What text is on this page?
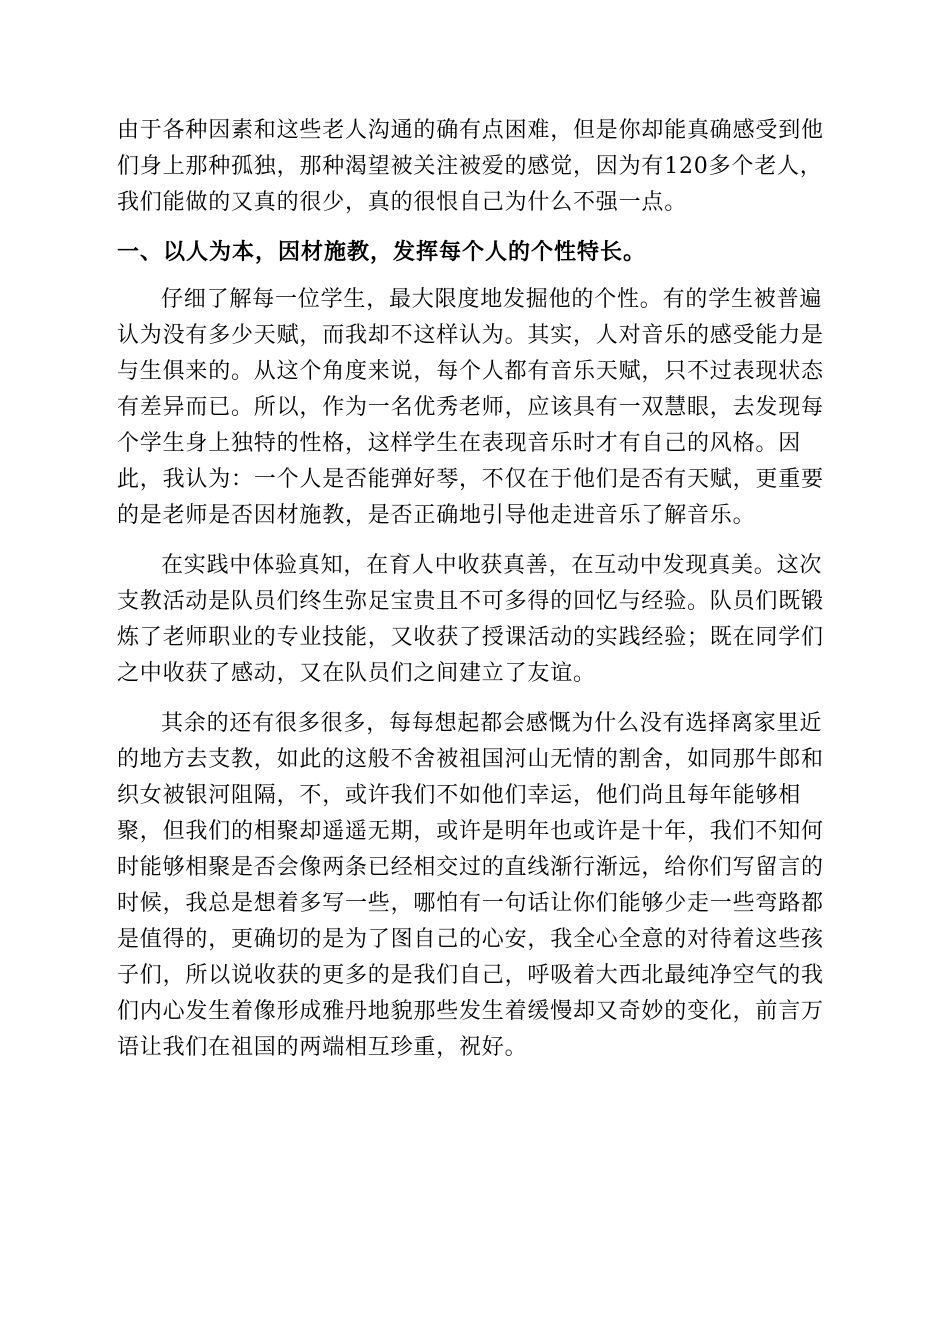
由于各种因素和这些老人沟通的确有点困难，但是你却能真确感受到他们身上那种孤独，那种渴望被关注被爱的感觉，因为有120多个老人，我们能做的又真的很少，真的很恨自己为什么不强一点。

一、以人为本，因材施教，发挥每个人的个性特长。

仔细了解每一位学生，最大限度地发掘他的个性。有的学生被普遍认为没有多少天赋，而我却不这样认为。其实，人对音乐的感受能力是与生俱来的。从这个角度来说，每个人都有音乐天赋，只不过表现状态有差异而已。所以，作为一名优秀老师，应该具有一双慧眼，去发现每个学生身上独特的性格，这样学生在表现音乐时才有自己的风格。因此，我认为：一个人是否能弹好琴，不仅在于他们是否有天赋，更重要的是老师是否因材施教，是否正确地引导他走进音乐了解音乐。

在实践中体验真知，在育人中收获真善，在互动中发现真美。这次支教活动是队员们终生弥足宝贵且不可多得的回忆与经验。队员们既锻炼了老师职业的专业技能，又收获了授课活动的实践经验；既在同学们之中收获了感动，又在队员们之间建立了友谊。

其余的还有很多很多，每每想起都会感慨为什么没有选择离家里近的地方去支教，如此的这般不舍被祖国河山无情的割舍，如同那牛郎和织女被银河阻隔，不，或许我们不如他们幸运，他们尚且每年能够相聚，但我们的相聚却遥遥无期，或许是明年也或许是十年，我们不知何时能够相聚是否会像两条已经相交过的直线渐行渐远，给你们写留言的时候，我总是想着多写一些，哪怕有一句话让你们能够少走一些弯路都是值得的，更确切的是为了图自己的心安，我全心全意的对待着这些孩子们，所以说收获的更多的是我们自己，呼吸着大西北最纯净空气的我们内心发生着像形成雅丹地貌那些发生着缓慢却又奇妙的变化，前言万语让我们在祖国的两端相互珍重，祝好。
